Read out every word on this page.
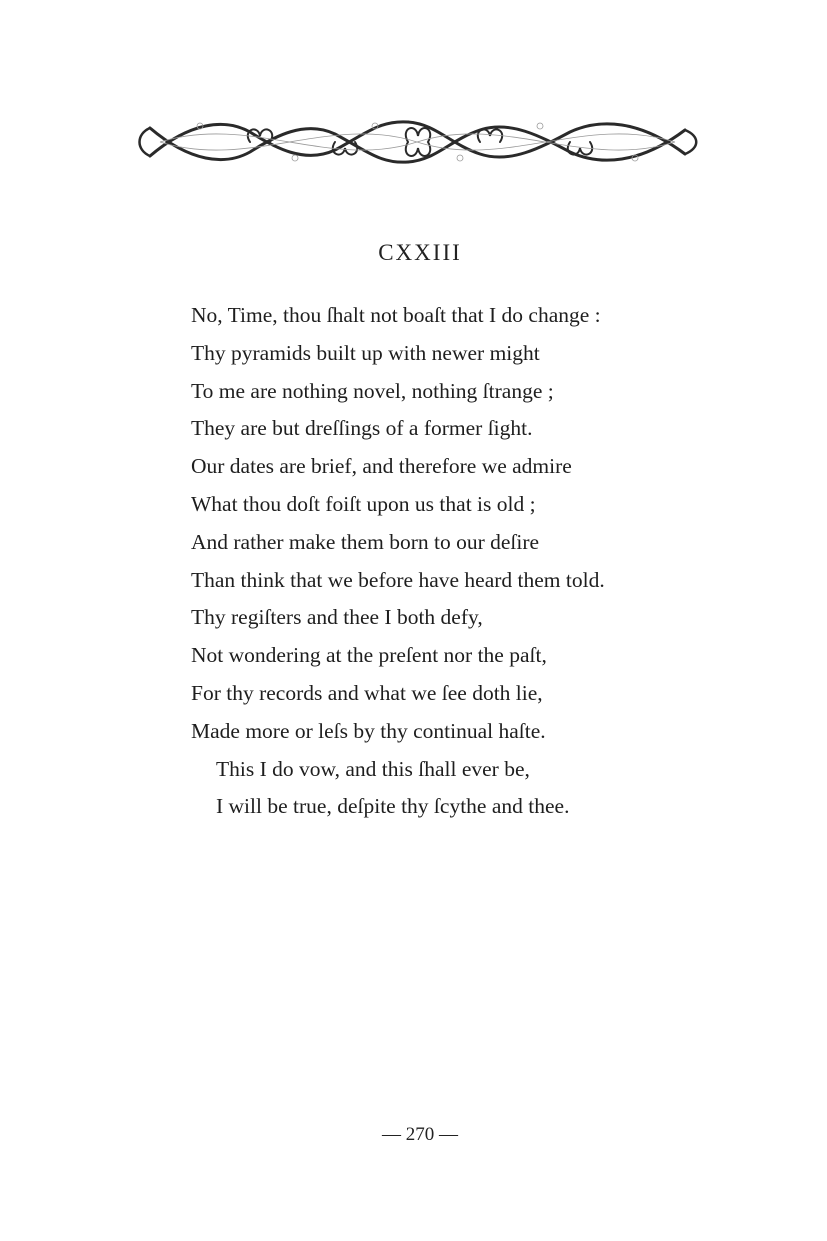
CXXIII
No, Time, thou ſhalt not boaſt that I do change :
Thy pyramids built up with newer might
To me are nothing novel, nothing ſtrange ;
They are but dreſſings of a former ſight.
Our dates are brief, and therefore we admire
What thou doſt foiſt upon us that is old ;
And rather make them born to our deſire
Than think that we before have heard them told.
Thy regiſters and thee I both defy,
Not wondering at the preſent nor the paſt,
For thy records and what we ſee doth lie,
Made more or leſs by thy continual haſte.
This I do vow, and this ſhall ever be,
I will be true, deſpite thy ſcythe and thee.
— 270 —
